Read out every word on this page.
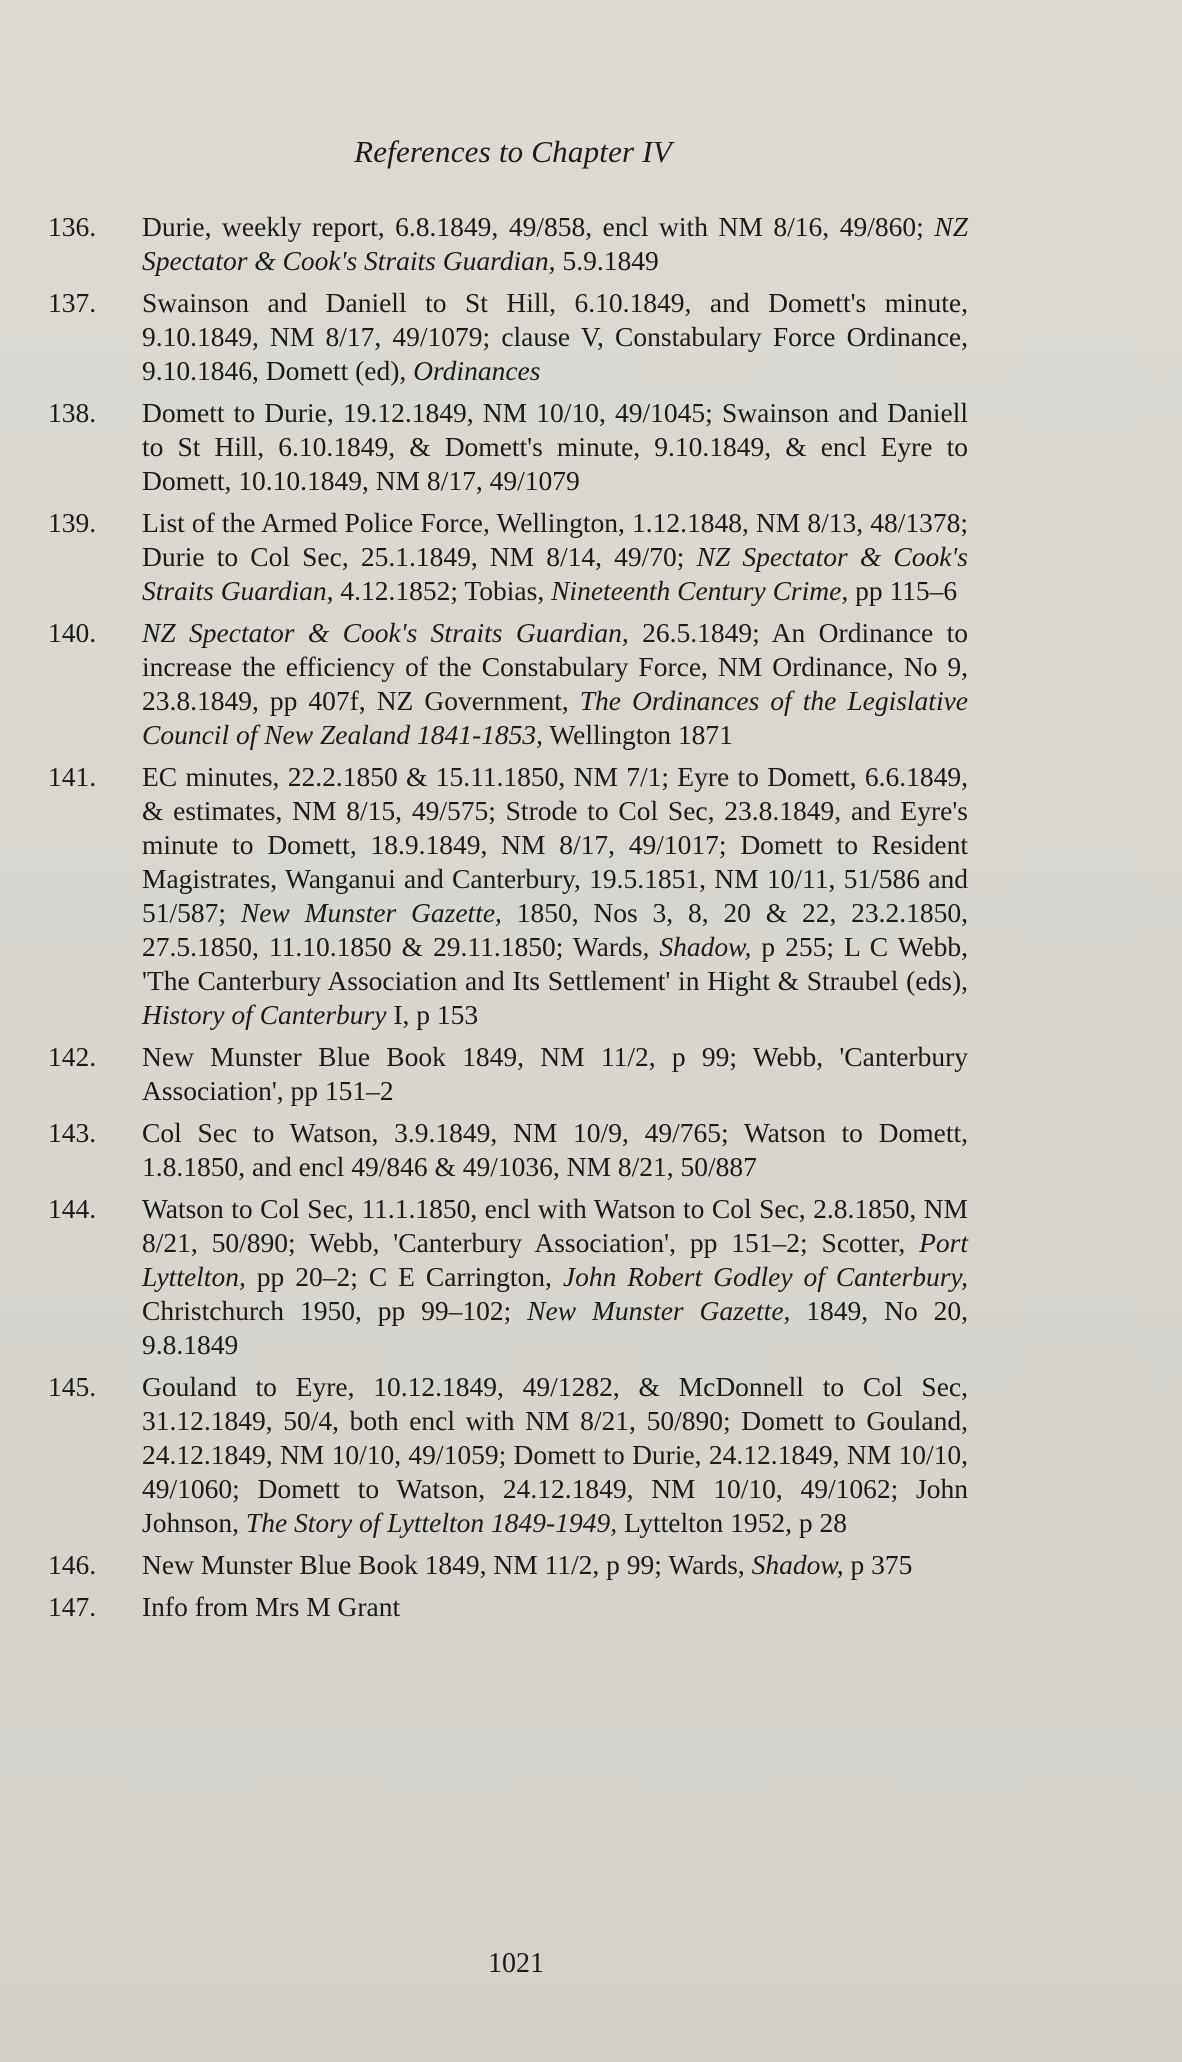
References to Chapter IV
136.	Durie, weekly report, 6.8.1849, 49/858, encl with NM 8/16, 49/860; NZ Spectator & Cook's Straits Guardian, 5.9.1849
137.	Swainson and Daniell to St Hill, 6.10.1849, and Domett's minute, 9.10.1849, NM 8/17, 49/1079; clause V, Constabulary Force Ordinance, 9.10.1846, Domett (ed), Ordinances
138.	Domett to Durie, 19.12.1849, NM 10/10, 49/1045; Swainson and Daniell to St Hill, 6.10.1849, & Domett's minute, 9.10.1849, & encl Eyre to Domett, 10.10.1849, NM 8/17, 49/1079
139.	List of the Armed Police Force, Wellington, 1.12.1848, NM 8/13, 48/1378; Durie to Col Sec, 25.1.1849, NM 8/14, 49/70; NZ Spectator & Cook's Straits Guardian, 4.12.1852; Tobias, Nineteenth Century Crime, pp 115–6
140.	NZ Spectator & Cook's Straits Guardian, 26.5.1849; An Ordinance to increase the efficiency of the Constabulary Force, NM Ordinance, No 9, 23.8.1849, pp 407f, NZ Government, The Ordinances of the Legislative Council of New Zealand 1841-1853, Wellington 1871
141.	EC minutes, 22.2.1850 & 15.11.1850, NM 7/1; Eyre to Domett, 6.6.1849, & estimates, NM 8/15, 49/575; Strode to Col Sec, 23.8.1849, and Eyre's minute to Domett, 18.9.1849, NM 8/17, 49/1017; Domett to Resident Magistrates, Wanganui and Canterbury, 19.5.1851, NM 10/11, 51/586 and 51/587; New Munster Gazette, 1850, Nos 3, 8, 20 & 22, 23.2.1850, 27.5.1850, 11.10.1850 & 29.11.1850; Wards, Shadow, p 255; L C Webb, 'The Canterbury Association and Its Settlement' in Hight & Straubel (eds), History of Canterbury I, p 153
142.	New Munster Blue Book 1849, NM 11/2, p 99; Webb, 'Canterbury Association', pp 151–2
143.	Col Sec to Watson, 3.9.1849, NM 10/9, 49/765; Watson to Domett, 1.8.1850, and encl 49/846 & 49/1036, NM 8/21, 50/887
144.	Watson to Col Sec, 11.1.1850, encl with Watson to Col Sec, 2.8.1850, NM 8/21, 50/890; Webb, 'Canterbury Association', pp 151–2; Scotter, Port Lyttelton, pp 20–2; C E Carrington, John Robert Godley of Canterbury, Christchurch 1950, pp 99–102; New Munster Gazette, 1849, No 20, 9.8.1849
145.	Gouland to Eyre, 10.12.1849, 49/1282, & McDonnell to Col Sec, 31.12.1849, 50/4, both encl with NM 8/21, 50/890; Domett to Gouland, 24.12.1849, NM 10/10, 49/1059; Domett to Durie, 24.12.1849, NM 10/10, 49/1060; Domett to Watson, 24.12.1849, NM 10/10, 49/1062; John Johnson, The Story of Lyttelton 1849-1949, Lyttelton 1952, p 28
146.	New Munster Blue Book 1849, NM 11/2, p 99; Wards, Shadow, p 375
147.	Info from Mrs M Grant
1021
